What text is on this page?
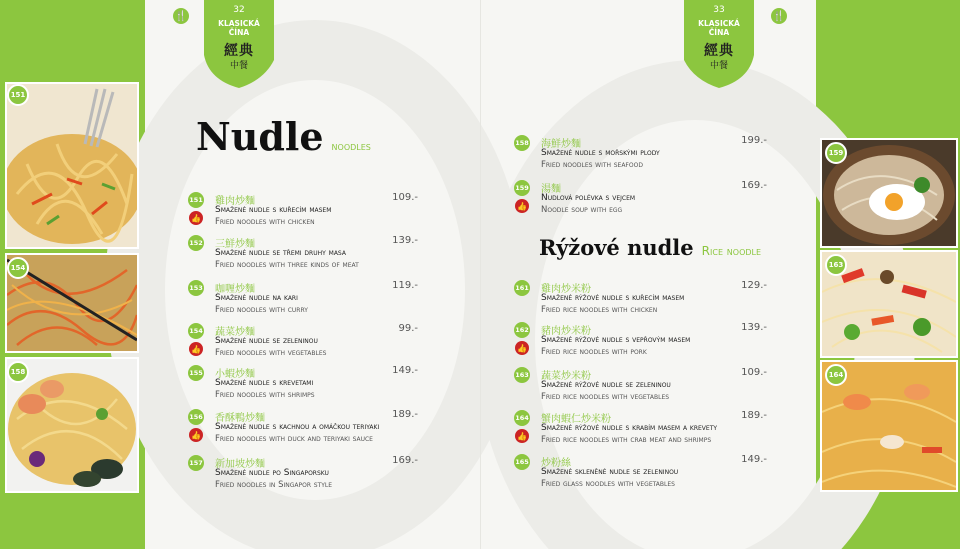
151
154
158
159
163
164
32
KLASICKÁ
ČÍNA
經典
中餐
🍴
33
KLASICKÁ
ČÍNA
經典
中餐
🍴
Nudle noodles
Rýžové nudle Rice noodle
151
👍
雞肉炒麵
Smažené nudle s kuřecím masem
Fried noodles with chicken
109.-
152 三鮮炒麵
Smažené nudle se třemi druhy masa
Fried noodles with three kinds of meat
139.-
153 咖喱炒麵
Smažené nudle na kari
Fried noodles with curry
119.-
154
👍
蔬菜炒麵
Smažené nudle se zeleninou
Fried noodles with vegetables
99.-
155 小蝦炒麵
Smažené nudle s krevetami
Fried noodles with shrimps
149.-
156
👍
香酥鴨炒麵
Smažené nudle s kachnou a omáčkou teriyaki
Fried noodles with duck and teriyaki sauce
189.-
157 新加坡炒麵
Smažené nudle po Singaporsku
Fried noodles in Singapor style
169.-
158 海鮮炒麵
Smažené nudle s mořskými plody
Fried noodles with seafood
199.-
159
👍
湯麵
Nudlová polévka s vejcem
Noodle soup with egg
169.-
161 雞肉炒米粉
Smažené rýžové nudle s kuřecím masem
Fried rice noodles with chicken
129.-
162
👍
豬肉炒米粉
Smažené rýžové nudle s vepřovým masem
Fried rice noodles with pork
139.-
163 蔬菜炒米粉
Smažené rýžové nudle se zeleninou
Fried rice noodles with vegetables
109.-
164
👍
蟹肉蝦仁炒米粉
Smažené rýžové nudle s krabím masem a krevety
Fried rice noodles with crab meat and shrimps
189.-
165 炒粉絲
Smažené skleněné nudle se zeleninou
Fried glass noodles with vegetables
149.-
